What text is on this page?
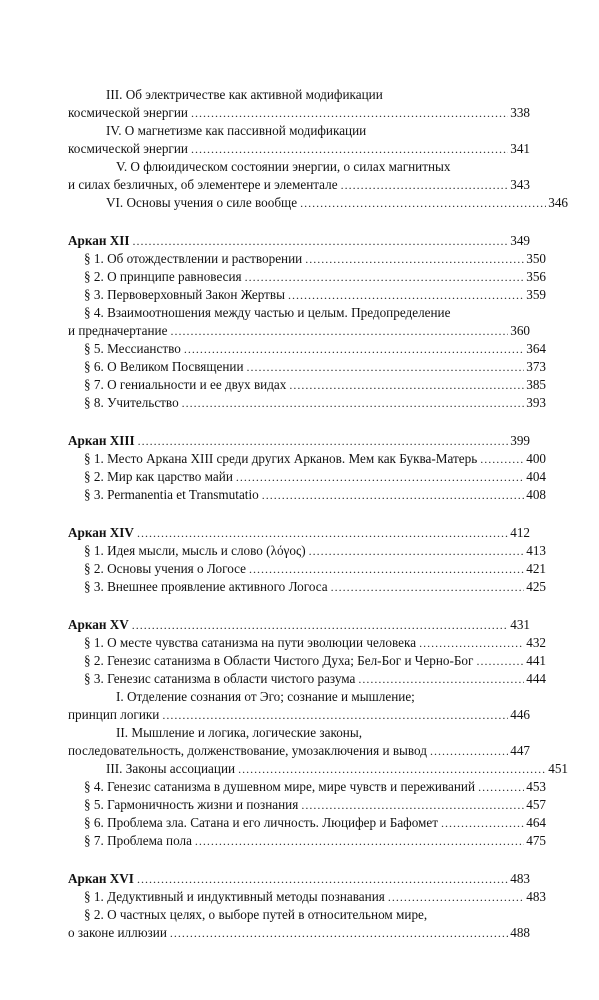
III. Об электричестве как активной модификации
космической энергии .....	338
IV. О магнетизме как пассивной модификации
космической энергии .....	341
V. О флюидическом состоянии энергии, о силах магнитных
и силах безличных, об элементере и элементале .....	343
VI. Основы учения о силе вообще .....	346
Аркан XII .....	349
§ 1. Об отождествлении и растворении .....	350
§ 2. О принципе равновесия .....	356
§ 3. Первоверховный Закон Жертвы .....	359
§ 4. Взаимоотношения между частью и целым. Предопределение
и предначертание .....	360
§ 5. Мессианство .....	364
§ 6. О Великом Посвящении .....	373
§ 7. О гениальности и ее двух видах .....	385
§ 8. Учительство .....	393
Аркан XIII .....	399
§ 1. Место Аркана XIII среди других Арканов. Мем как Буква-Матерь .....	400
§ 2. Мир как царство майи .....	404
§ 3. Permanentia et Transmutatio .....	408
Аркан XIV .....	412
§ 1. Идея мысли, мысль и слово (λόγος) .....	413
§ 2. Основы учения о Логосе .....	421
§ 3. Внешнее проявление активного Логоса .....	425
Аркан XV .....	431
§ 1. О месте чувства сатанизма на пути эволюции человека .....	432
§ 2. Генезис сатанизма в Области Чистого Духа; Бел-Бог и Черно-Бог .....	441
§ 3. Генезис сатанизма в области чистого разума .....	444
I. Отделение сознания от Эго; сознание и мышление;
принцип логики .....	446
II. Мышление и логика, логические законы,
последовательность, долженствование, умозаключения и вывод .....	447
III. Законы ассоциации .....	451
§ 4. Генезис сатанизма в душевном мире, мире чувств и переживаний .....	453
§ 5. Гармоничность жизни и познания .....	457
§ 6. Проблема зла. Сатана и его личность. Люцифер и Бафомет .....	464
§ 7. Проблема пола .....	475
Аркан XVI .....	483
§ 1. Дедуктивный и индуктивный методы познавания .....	483
§ 2. О частных целях, о выборе путей в относительном мире,
о законе иллюзии .....	488
